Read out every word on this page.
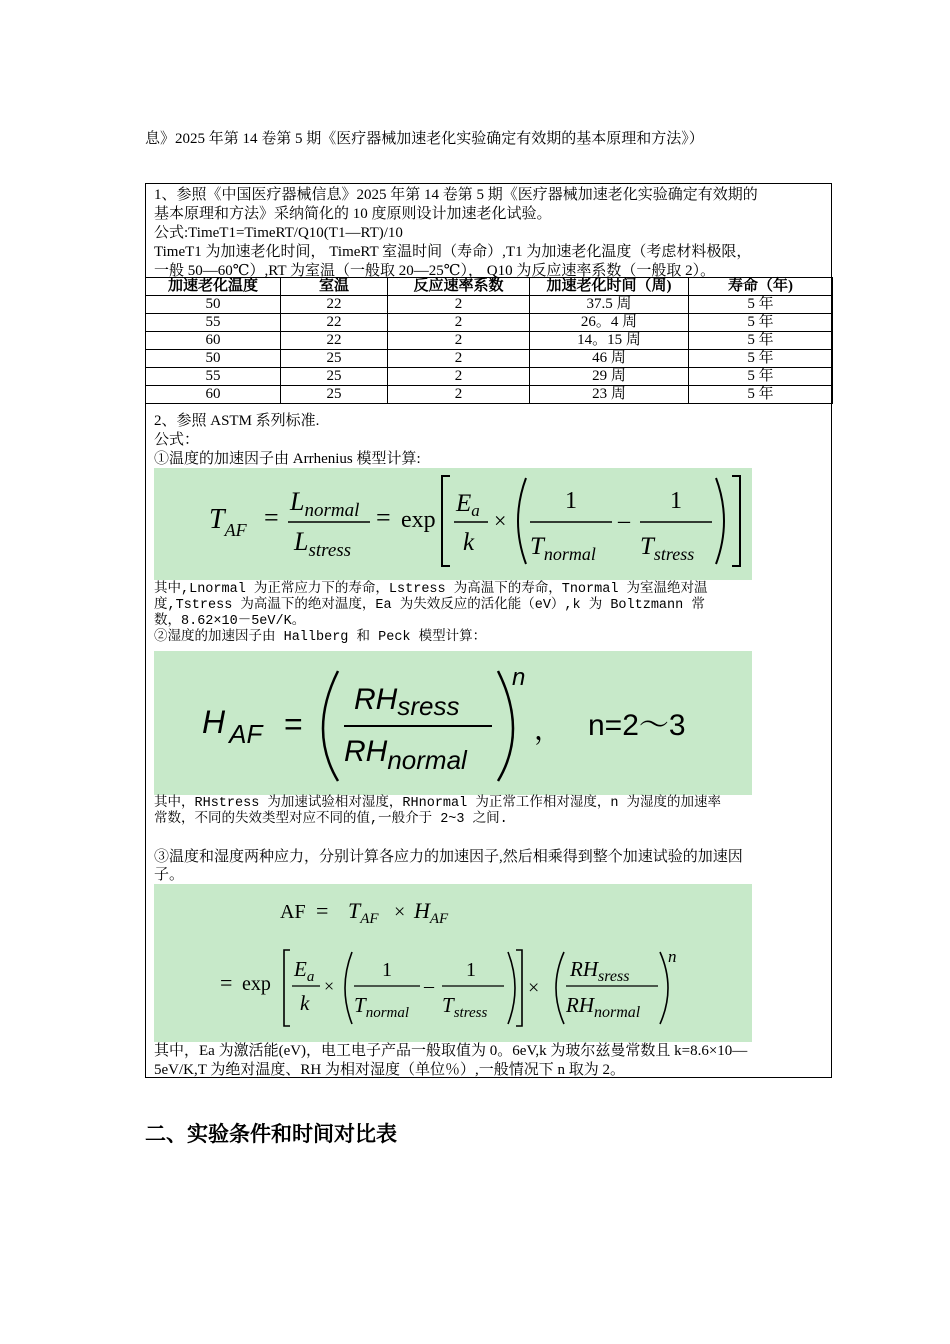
息》2025 年第 14 卷第 5 期《医疗器械加速老化实验确定有效期的基本原理和方法》）
1、参照《中国医疗器械信息》2025 年第 14 卷第 5 期《医疗器械加速老化实验确定有效期的
基本原理和方法》采纳简化的 10 度原则设计加速老化试验。
公式:TimeT1=TimeRT/Q10(T1—RT)/10
TimeT1 为加速老化时间， TimeRT 室温时间（寿命）,T1 为加速老化温度（考虑材料极限，
一般 50—60℃）,RT 为室温（一般取 20—25℃）， Q10 为反应速率系数（一般取 2）。
加速老化温度	室温	反应速率系数	加速老化时间（周)	寿命（年)
50	22	2	37.5 周	5 年
55	22	2	26。4 周	5 年
60	22	2	14。15 周	5 年
50	25	2	46 周	5 年
55	25	2	29 周	5 年
60	25	2	23 周	5 年
2、参照 ASTM 系列标准.
公式：
①温度的加速因子由 Arrhenius 模型计算:
$T_{AF}$ =
$L_{normal}$
$L_{stress}$
= exp
$E_a$
k
×
1
$T_{normal}$
–
1
$T_{stress}$
其中,Lnormal 为正常应力下的寿命，Lstress 为高温下的寿命，Tnormal 为室温绝对温
度,Tstress 为高温下的绝对温度，Ea 为失效反应的活化能（eV）,k 为 Boltzmann 常
数，8.62×10－5eV/K。
②湿度的加速因子由 Hallberg 和 Peck 模型计算：
H $_{AF}$ =
RHsress
RHnormal
n
， n=2～3
其中，RHstress 为加速试验相对湿度，RHnormal 为正常工作相对湿度，n 为湿度的加速率
常数，不同的失效类型对应不同的值,一般介于 2~3 之间.
③温度和湿度两种应力，分别计算各应力的加速因子,然后相乘得到整个加速试验的加速因
子。
AF = $T_{AF} \times H_{AF}$
= exp
$E_a$
k
×
1
$T_{normal}$
–
1
$T_{stress}$
×
$RH_{sress}$
$RH_{normal}$
n
其中，Ea 为激活能(eV)，电工电子产品一般取值为 0。6eV,k 为玻尔兹曼常数且 k=8.6×10—
5eV/K,T 为绝对温度、RH 为相对湿度（单位％）,一般情况下 n 取为 2。
二、实验条件和时间对比表
